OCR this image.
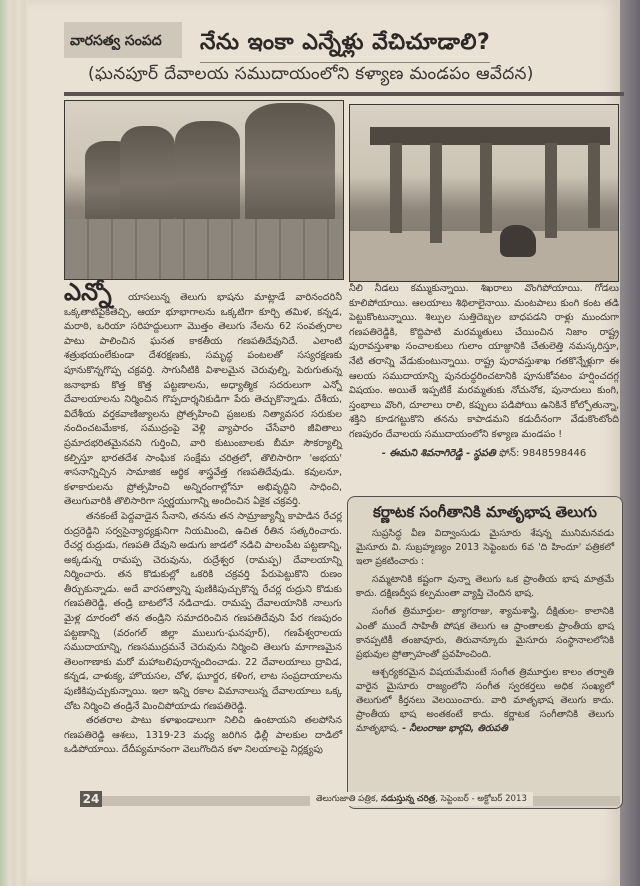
వారసత్వ సంపద	నేను ఇంకా ఎన్నేళ్లు వేచిచూడాలి?
(ఘనపూర్ దేవాలయ సముదాయంలోని కళ్యాణ మండపం ఆవేదన)

ఎన్నో యాసలున్న తెలుగు భాషను మాట్లాడే వారినందరినీ ఒక్కతాటిపైకితెచ్చి, ఆయా భూభాగాలను ఒక్కటిగా కూర్చి తమిళ, కన్నడ, మరాఠి, ఒరియా సరిహద్దులుగా మొత్తం తెలుగు నేలను 62 సంవత్సరాల పాటు పాలించిన ఘనత కాకతీయ గణపతిదేవునిదే. ఎలాంటి శత్రుభయంలేకుండా దేశరక్షణకు, సమృద్ధ పంటలతో సస్యరక్షణకు పూనుకొన్నగొప్ప చక్రవర్తి. సాగునీటికి విశాలమైన చెరువుల్ని, పెరుగుతున్న జనాభాకు కొత్త కొత్త పట్టణాలను, అధ్యాత్మిక సదరులుగా ఎన్నో దేవాలయాలను నిర్మించిన గొప్పదార్శనికుడిగా పేరు తెచ్చుకొన్నాడు. దేశీయ, విదేశీయ వర్తకవాణిజ్యాలను ప్రోత్సహించి ప్రజలకు నిత్యావసర సరుకుల నందించటమేకాక, సముద్రంపై వెళ్లి వ్యాపారం చేసేవారి జీవితాలు ప్రమాదభరితమైనవని గుర్తించి, వారి కుటుంబాలకు బీమా సౌకర్యాల్ని కల్పిస్తూ భారతదేశ సాంఘిక సంక్షేమ చరిత్రలో, తొలిసారిగా 'అభయ' శాసనాన్నిచ్చిన సామాజిక ఆర్థిక శాస్త్రవేత్త గణపతిదేవుడు. కవులనూ, కళాకారులను ప్రోత్సహించి అన్నిరంగాల్లోనూ అభివృద్ధిని సాధించి, తెలుగువారికి తొలిసారిగా స్వర్ణయుగాన్ని అందించిన ఏకైక చక్రవర్తి.

తనకంటే పెద్దవాడైన సేనాని, తనను తన సామ్రాజ్యాన్నీ కాపాడిన రేచర్ల రుద్రరెడ్డిని సర్వసైన్యాధ్యక్షునిగా నియమించి, ఉచిత రీతిన సత్కరించారు. రేచర్ల రుద్రుడు, గణపతి దేవుని అడుగు జాడలో నడిచి పాలంపేట పట్టణాన్ని, అక్కడున్న రామప్ప చెరువును, రుద్రేశ్వర (రామప్ప) దేవాలయాన్ని నిర్మించారు. తన కొడుకుల్లో ఒకరికి చక్రవర్తి పేరుపెట్టుకొని రుణం తీర్చుకున్నాడు. అదే వారసత్వాన్ని పుణికిపుచ్చుకొన్న రేచర్ల రుద్రుని కొడుకు గణపతిరెడ్డి, తండ్రి బాటలోనే నడిచాడు. రామప్ప దేవాలయానికి నాలుగు మైళ్ల దూరంలో తన తండ్రిని సమాదరించిన గణపతిదేవుని పేర గణపురం పట్టణాన్ని (వరంగల్ జిల్లా ములుగు-ఘనపూర్), గణపేశ్వరాలయ సముదాయాన్ని, గణసముద్రమనే చెరువును నిర్మించి తెలుగు మాగాణమైన తెలంగాణాకు మరో మహాబలిపురాన్నందించాడు. 22 దేవాలయాలు ద్రావిడ, కన్నడ, చాళుక్య, హొయసల, చోళ, ఘూర్జర, కళింగ, లాట సంప్రదాయాలను పుణికిపుచ్చుకున్నాయి. ఇలా ఇన్ని రకాల విమానాలున్న దేవాలయాలు ఒక్క చోట నిర్మించి తండ్రినే మించిపోయాడు గణపతిరెడ్డి.

తరతరాల పాటు కళాఖండాలుగా నిలిచి ఉంటాయని తలపోసిన గణపతిరెడ్డి ఆశలు, 1319-23 మధ్య జరిగిన ఢిల్లీ పాలకుల దాడిలో ఒడిపోయాయి. దేదీప్యమానంగా వెలుగొందిన కళా నిలయాలపై నిర్లక్ష్యపు

నీలి నీడలు కమ్ముకున్నాయి. శిఖరాలు వొంగిపోయాయి. గోడలు కూలిపోయాయి. ఆలయాలు శిథిలాలైనాయి. మంటపాలు కుంగి కంట తడి పెట్టుకొంటున్నాయి. శిల్పుల సుత్తిదెబ్బల బాధపడని రాళ్లు ముందుగా గణపతిరెడ్డికి, కొద్దిపాటి మరమ్మతులు చేయించిన నిజాం రాష్ట్ర పురావస్తుశాఖ సంచాలకులు గులాం యాజ్దానికి చేతులెత్తి నమస్కరిస్తూ, నేటి తరాన్ని వేడుకుంటున్నాయి. రాష్ట్ర పురావస్తుశాఖ గతకొన్నేళ్లుగా ఈ ఆలయ సముదాయాన్ని పునరుద్ధరించటానికి పూనుకోవటం హర్షించదగ్గ విషయం. అయితే ఇప్పటికే మరమ్మతుకు నోచునోక, పునాదులు కుంగి, స్తంభాలు వొంగి, దూలాలు రాలి, కప్పులు పడిపోయి ఉనికినే కోల్పోతున్నా, శక్తిని కూడగట్టుకొని తనను కాపాడమని కడుదీనంగా వేడుకొంటోంది గణపురం దేవాలయ సముదాయంలోని కళ్యాణ మండపం !

- ఈమని శివనాగిరెడ్డి - స్థపతి ఫోన్: 9848598446
కర్ణాటక సంగీతానికి మాతృభాష తెలుగు

సుప్రసిద్ధ వీణ విద్వాంసుడు మైసూరు శేషన్న మునిమనవడు మైసూరు వి. సుబ్రహ్మణ్యం 2013 సెప్టెంబరు 6వ 'ది హిందూ' పత్రికలో ఇలా ప్రకటించారు :

సమ్మటానికి కష్టంగా వున్నా తెలుగు ఒక ప్రాంతీయ భాష మాత్రమే కాదు. దక్షిణద్వీప కల్పమంతా వ్యాప్తి చెందిన భాష.

సంగీత త్రిమూర్తుల- త్యాగరాజు, శ్యామశాస్త్రి, దీక్షితుల- కాలానికి ఎంతో ముందే సాహితీ పోషక తెలుగు ఆ ప్రాంతాలకు ప్రాంతీయ భాష కానప్పటికీ తంజావూరు, తిరువాన్కూరు మైసూరు సంస్థానాలలోనికి ప్రభువుల ప్రోత్సాహంతో ప్రవహించింది.

ఆశ్చర్యకరమైన విషయమేమంటే సంగీత త్రిమూర్తుల కాలం తర్వాతి వారైన మైసూరు రాజ్యంలోని సంగీత స్వరకర్తలు అధిక సంఖ్యలో తెలుగులో కీర్తనలు వెలయించారు. వారి మాతృభాష తెలుగు కాదు. ప్రాంతీయ భాష అంతకంటే కాదు. కర్ణాటక సంగీతానికి తెలుగు మాతృభాష. - నీలంరాజు భార్గవి, తిరుపతి

24	తెలుగుజాతి పత్రిక, నడుస్తున్న చరిత్ర, సెప్టెంబర్ - అక్టోబర్ 2013
